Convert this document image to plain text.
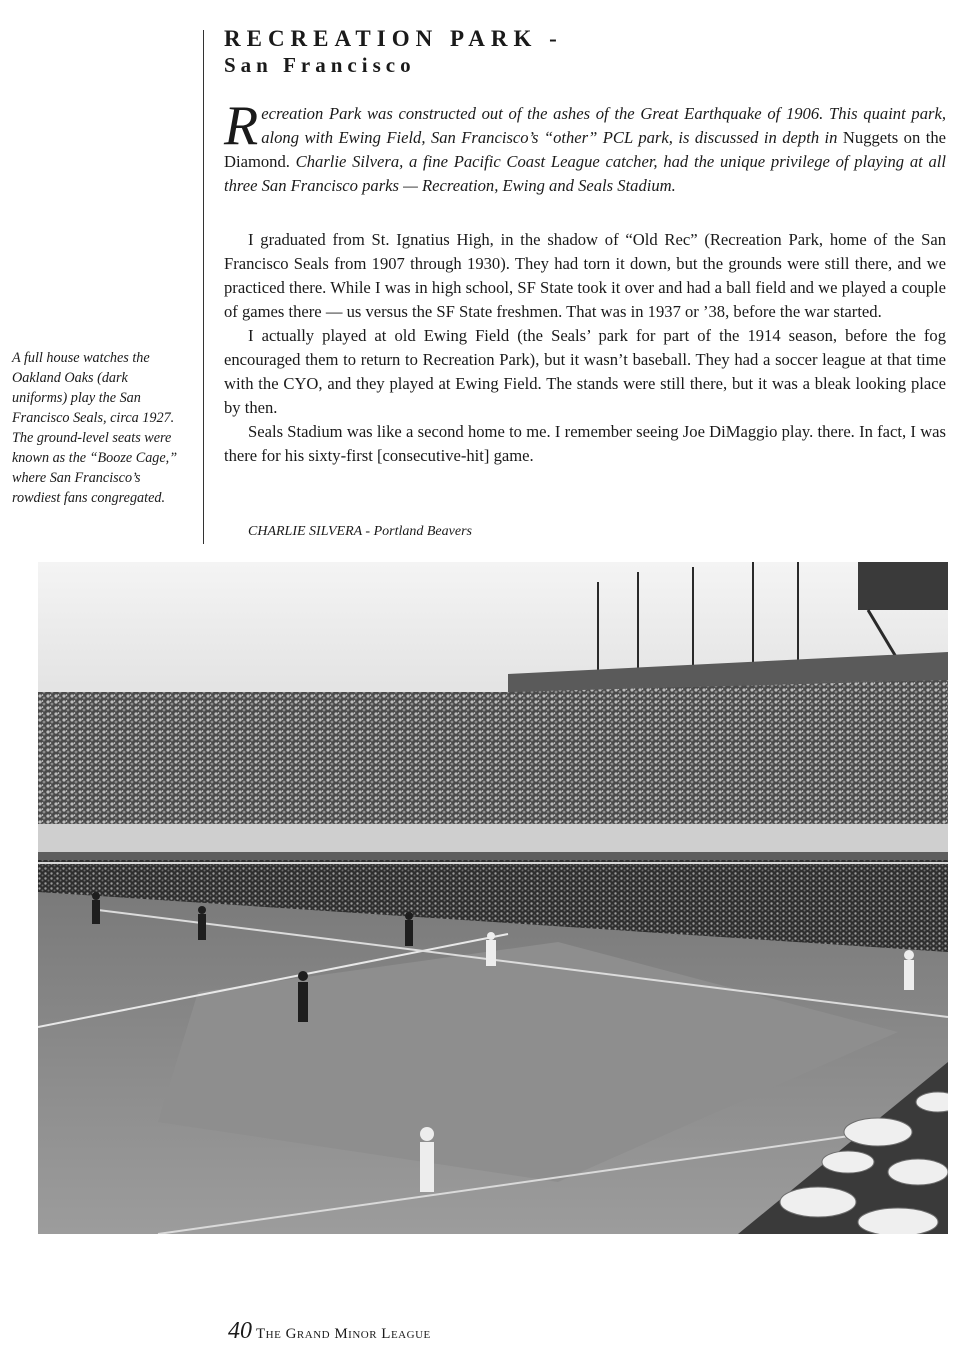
RECREATION PARK -
San Francisco
Recreation Park was constructed out of the ashes of the Great Earthquake of 1906. This quaint park, along with Ewing Field, San Francisco’s “other” PCL park, is discussed in depth in Nuggets on the Diamond. Charlie Silvera, a fine Pacific Coast League catcher, had the unique privilege of playing at all three San Francisco parks — Recreation, Ewing and Seals Stadium.

I graduated from St. Ignatius High, in the shadow of “Old Rec” (Recreation Park, home of the San Francisco Seals from 1907 through 1930). They had torn it down, but the grounds were still there, and we practiced there. While I was in high school, SF State took it over and had a ball field and we played a couple of games there — us versus the SF State freshmen. That was in 1937 or ’38, before the war started.

I actually played at old Ewing Field (the Seals’ park for part of the 1914 season, before the fog encouraged them to return to Recreation Park), but it wasn’t baseball. They had a soccer league at that time with the CYO, and they played at Ewing Field. The stands were still there, but it was a bleak looking place by then.

Seals Stadium was like a second home to me. I remember seeing Joe DiMaggio play. there. In fact, I was there for his sixty-first [consecutive-hit] game.

CHARLIE SILVERA - Portland Beavers
A full house watches the Oakland Oaks (dark uniforms) play the San Francisco Seals, circa 1927. The ground-level seats were known as the “Booze Cage,” where San Francisco’s rowdiest fans congregated.
40 The Grand Minor League
